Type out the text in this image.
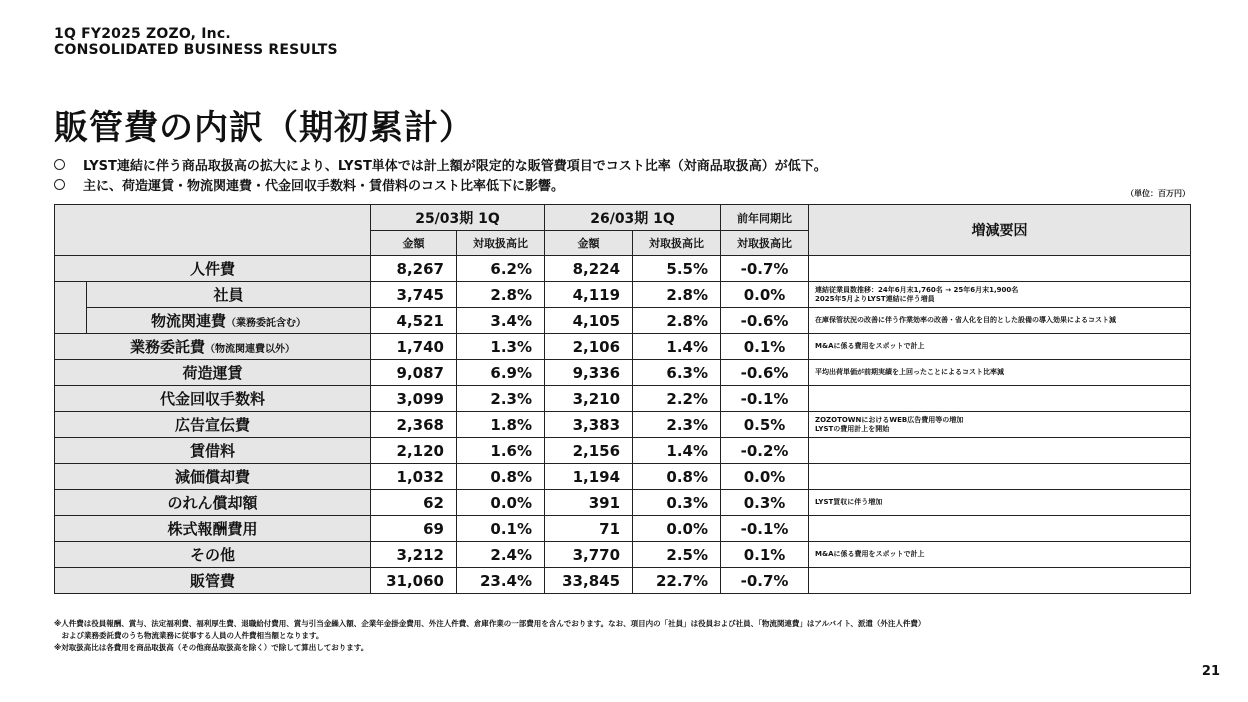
1Q FY2025 ZOZO, Inc.
CONSOLIDATED BUSINESS RESULTS
販管費の内訳（期初累計）
LYST連結に伴う商品取扱高の拡大により、LYST単体では計上額が限定的な販管費項目でコスト比率（対商品取扱高）が低下。
主に、荷造運賃・物流関連費・代金回収手数料・賃借料のコスト比率低下に影響。	（単位：百万円）
		25/03期 1Q		26/03期 1Q		前年同期比	増減要因
		金額	対取扱高比	金額	対取扱高比	対取扱高比	
人件費		8,267	6.2%	8,224	5.5%	-0.7%	
	社員	3,745	2.8%	4,119	2.8%	0.0%	連結従業員数推移：24年6月末1,760名 → 25年6月末1,900名
2025年5月よりLYST連結に伴う増員
	物流関連費（業務委託含む）	4,521	3.4%	4,105	2.8%	-0.6%	在庫保管状況の改善に伴う作業効率の改善・省人化を目的とした設備の導入効果によるコスト減
業務委託費（物流関連費以外）		1,740	1.3%	2,106	1.4%	0.1%	M&Aに係る費用をスポットで計上
荷造運賃		9,087	6.9%	9,336	6.3%	-0.6%	平均出荷単価が前期実績を上回ったことによるコスト比率減
代金回収手数料		3,099	2.3%	3,210	2.2%	-0.1%	
広告宣伝費		2,368	1.8%	3,383	2.3%	0.5%	ZOZOTOWNにおけるWEB広告費用等の増加
LYSTの費用計上を開始
賃借料		2,120	1.6%	2,156	1.4%	-0.2%	
減価償却費		1,032	0.8%	1,194	0.8%	0.0%	
のれん償却額		62	0.0%	391	0.3%	0.3%	LYST買収に伴う増加
株式報酬費用		69	0.1%	71	0.0%	-0.1%	
その他		3,212	2.4%	3,770	2.5%	0.1%	M&Aに係る費用をスポットで計上
販管費		31,060	23.4%	33,845	22.7%	-0.7%	
※人件費は役員報酬、賞与、法定福利費、福利厚生費、退職給付費用、賞与引当金繰入額、企業年金掛金費用、外注人件費、倉庫作業の一部費用を含んでおります。なお、項目内の「社員」は役員および社員、「物流関連費」はアルバイト、派遣（外注人件費）
　および業務委託費のうち物流業務に従事する人員の人件費相当額となります。
※対取扱高比は各費用を商品取扱高（その他商品取扱高を除く）で除して算出しております。
21
